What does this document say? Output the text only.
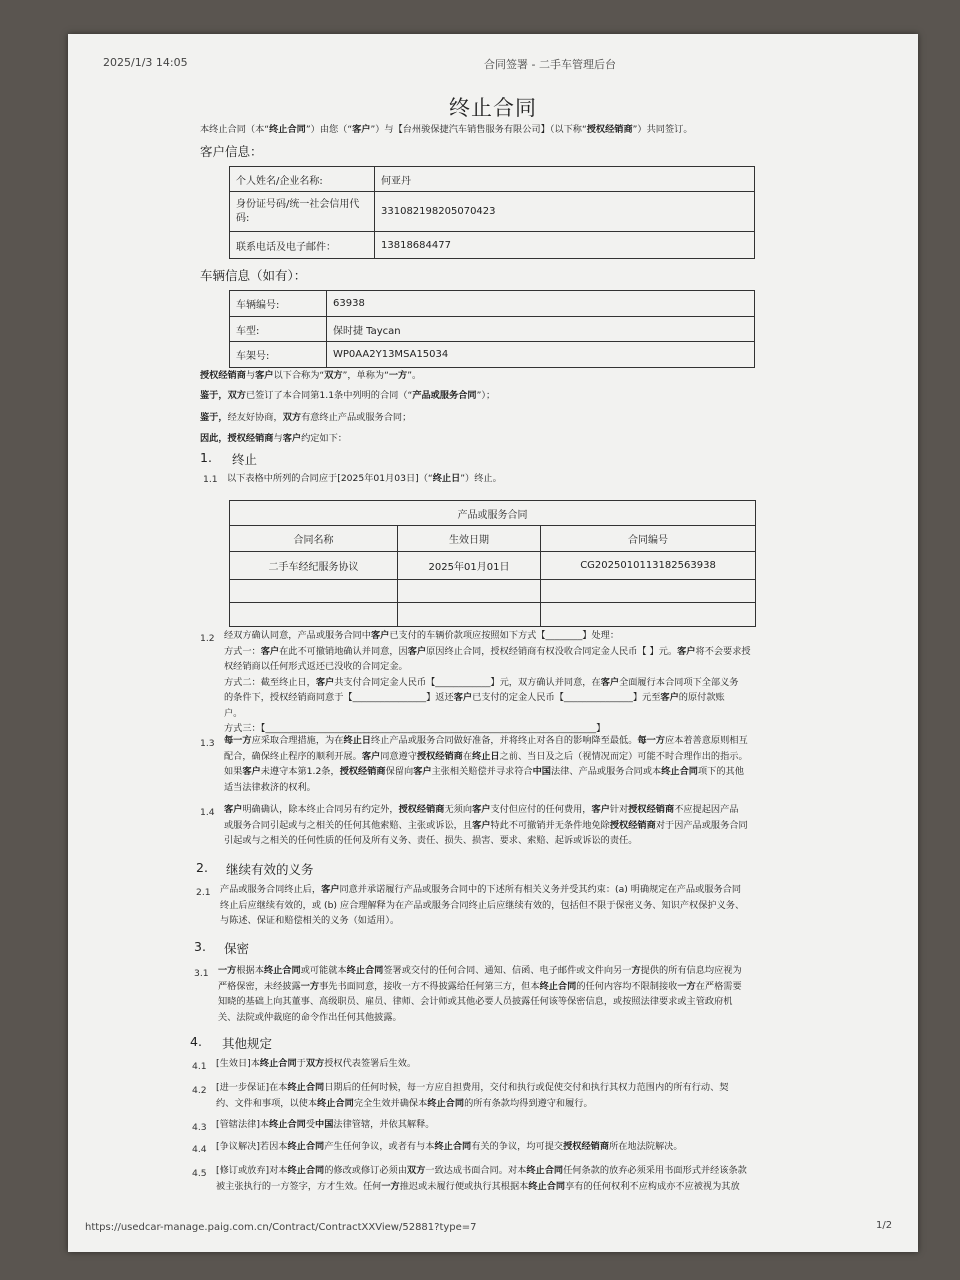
2025/1/3 14:05	合同签署 - 二手车管理后台
终止合同
本终止合同（本“终止合同”）由您（“客户”）与【台州骏保捷汽车销售服务有限公司】（以下称“授权经销商”）共同签订。
客户信息：
个人姓名/企业名称:	何亚丹
身份证号码/统一社会信用代码:	331082198205070423
联系电话及电子邮件：	13818684477
车辆信息（如有）：
车辆编号:	63938
车型:	保时捷 Taycan
车架号:	WP0AA2Y13MSA15034
授权经销商与客户以下合称为“双方”，单称为“一方”。
鉴于，双方已签订了本合同第1.1条中列明的合同（“产品或服务合同”）；
鉴于，经友好协商，双方有意终止产品或服务合同；
因此，授权经销商与客户约定如下：
1. 终止
1.1 以下表格中所列的合同应于[2025年01月03日]（“终止日”）终止。
产品或服务合同		
合同名称	生效日期	合同编号
二手车经纪服务协议	2025年01月01日	CG2025010113182563938

1.2 经双方确认同意，产品或服务合同中客户已支付的车辆价款项应按照如下方式【________】处理：
方式一：客户在此不可撤销地确认并同意，因客户原因终止合同，授权经销商有权没收合同定金人民币【 】元。客户将不会要求授
权经销商以任何形式返还已没收的合同定金。
方式二：截至终止日，客户共支付合同定金人民币【____________】元，双方确认并同意，在客户全面履行本合同项下全部义务
的条件下，授权经销商同意于【________________】返还客户已支付的定金人民币【_______________】元至客户的原付款账
户。
方式三：【________________________________________________________________________】
1.3 每一方应采取合理措施，为在终止日终止产品或服务合同做好准备，并将终止对各自的影响降至最低。每一方应本着善意原则相互
配合，确保终止程序的顺利开展。客户同意遵守授权经销商在终止日之前、当日及之后（视情况而定）可能不时合理作出的指示。
如果客户未遵守本第1.2条，授权经销商保留向客户主张相关赔偿并寻求符合中国法律、产品或服务合同或本终止合同项下的其他
适当法律救济的权利。
1.4 客户明确确认，除本终止合同另有约定外，授权经销商无须向客户支付但应付的任何费用，客户针对授权经销商不应提起因产品
或服务合同引起或与之相关的任何其他索赔、主张或诉讼，且客户特此不可撤销并无条件地免除授权经销商对于因产品或服务合同
引起或与之相关的任何性质的任何及所有义务、责任、损失、损害、要求、索赔、起诉或诉讼的责任。
2. 继续有效的义务
2.1 产品或服务合同终止后，客户同意并承诺履行产品或服务合同中的下述所有相关义务并受其约束：(a) 明确规定在产品或服务合同
终止后应继续有效的，或 (b) 应合理解释为在产品或服务合同终止后应继续有效的，包括但不限于保密义务、知识产权保护义务、
与陈述、保证和赔偿相关的义务（如适用）。
3. 保密
3.1 一方根据本终止合同或可能就本终止合同签署或交付的任何合同、通知、信函、电子邮件或文件向另一方提供的所有信息均应视为
严格保密，未经披露一方事先书面同意，接收一方不得披露给任何第三方，但本终止合同的任何内容均不限制接收一方在严格需要
知晓的基础上向其董事、高级职员、雇员、律师、会计师或其他必要人员披露任何该等保密信息，或按照法律要求或主管政府机
关、法院或仲裁庭的命令作出任何其他披露。
4. 其他规定
4.1 [生效日]本终止合同于双方授权代表签署后生效。
4.2 [进一步保证]在本终止合同日期后的任何时候，每一方应自担费用，交付和执行或促使交付和执行其权力范围内的所有行动、契
约、文件和事项，以使本终止合同完全生效并确保本终止合同的所有条款均得到遵守和履行。
4.3 [管辖法律]本终止合同受中国法律管辖，并依其解释。
4.4 [争议解决]若因本终止合同产生任何争议，或者有与本终止合同有关的争议，均可提交授权经销商所在地法院解决。
4.5 [修订或放弃]对本终止合同的修改或修订必须由双方一致达成书面合同。对本终止合同任何条款的放弃必须采用书面形式并经该条款
被主张执行的一方签字，方才生效。任何一方推迟或未履行便或执行其根据本终止合同享有的任何权利不应构成亦不应被视为其放
https://usedcar-manage.paig.com.cn/Contract/ContractXXView/52881?type=7	1/2
